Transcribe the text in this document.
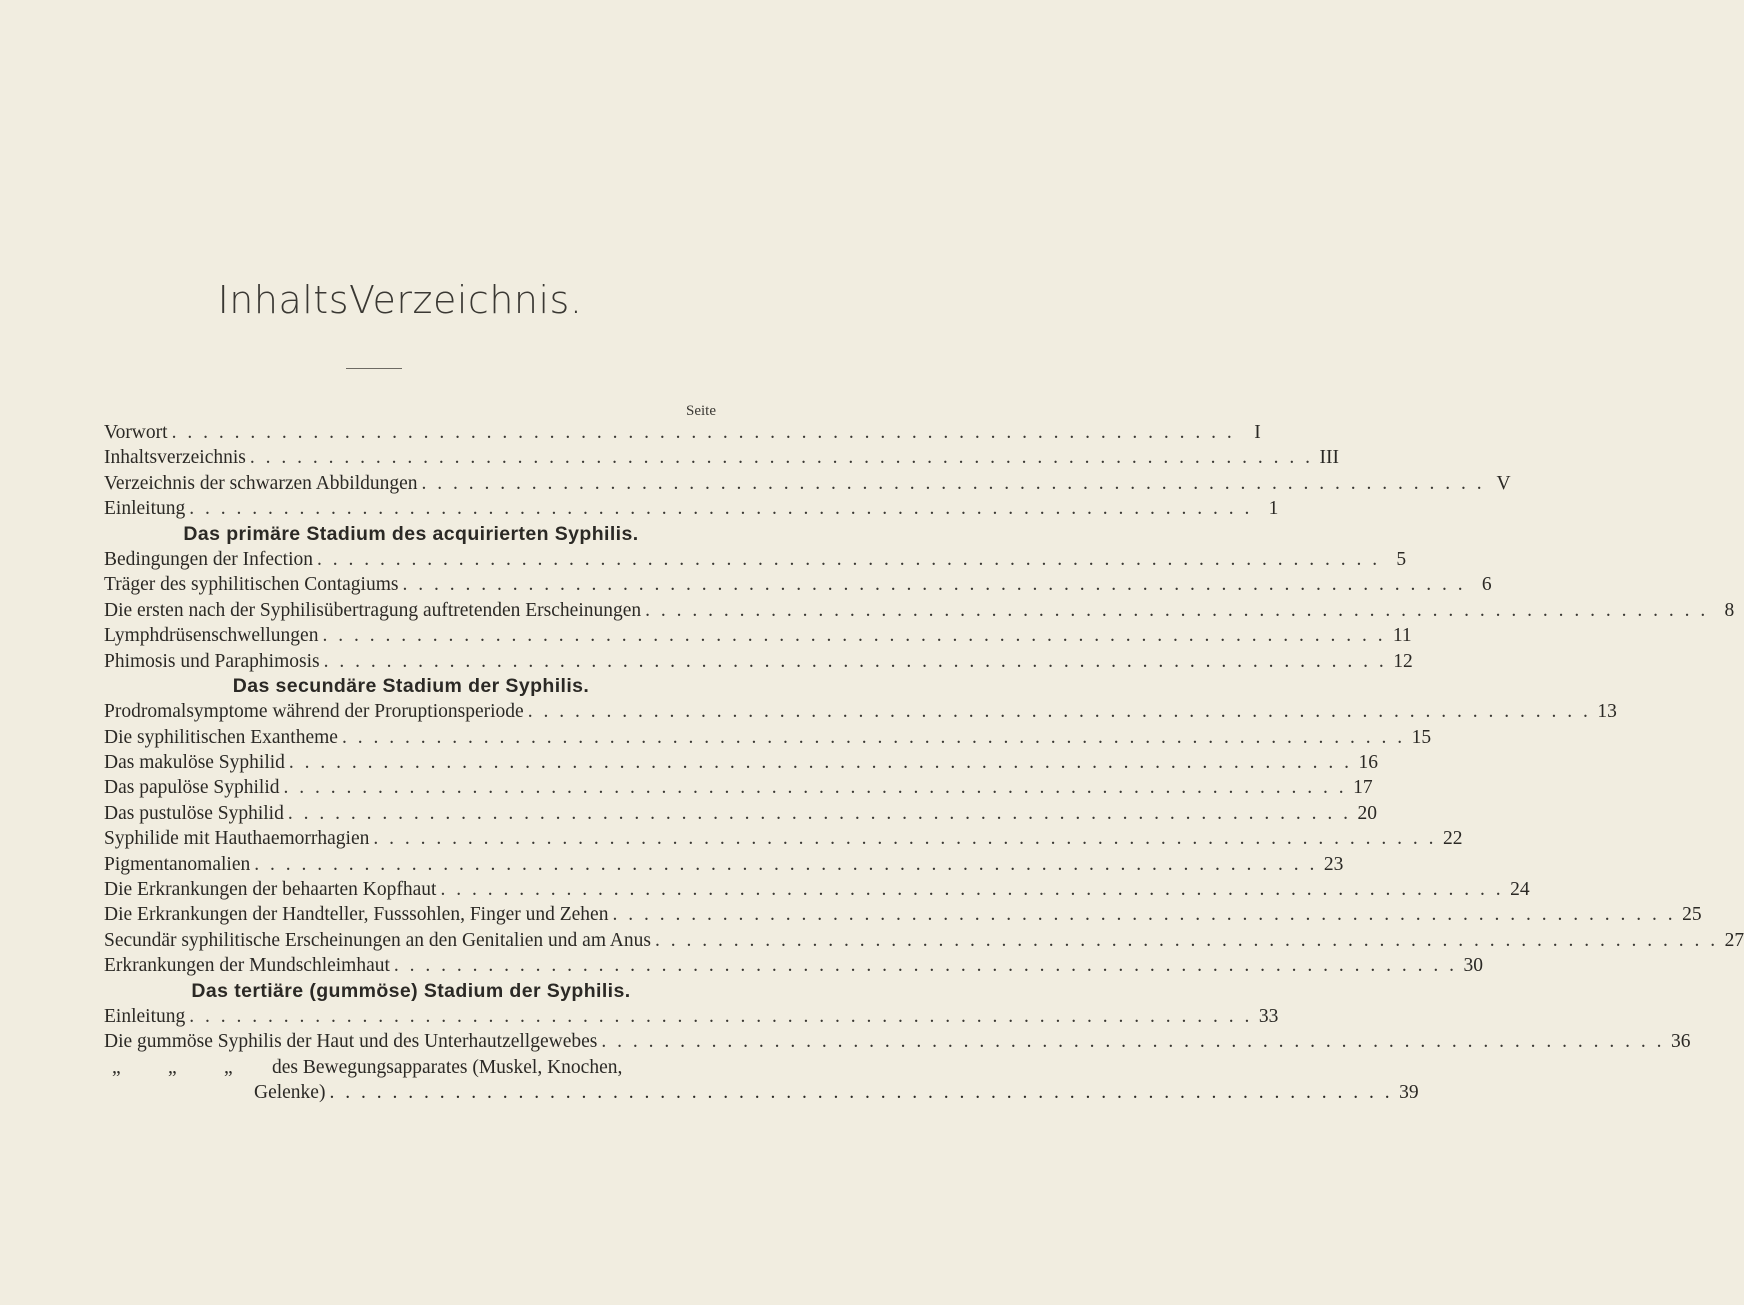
InhaltsVerzeichnis.
Seite
Vorwort . . . . . . . . . . . . . . . . . . . . . . . . . . . . . . . . . . . . . . . . . . . . . . . . . . . . . . . . . . . . . . . . . . . .	I
Inhaltsverzeichnis . . . . . . . . . . . . . . . . . . . . . . . . . . . . . . . . . . . . . . . . . . . . . . . . . . . . . . . . . . . . . . . . . . . . III
Verzeichnis der schwarzen Abbildungen . . . . . . . . . . . . . . . . . . . . . . . . . . . . . . . . . . . . . . . . . . . . . . . . . . . . . . . . . . . . . . . . . . . . V
Einleitung . . . . . . . . . . . . . . . . . . . . . . . . . . . . . . . . . . . . . . . . . . . . . . . . . . . . . . . . . . . . . . . . . . . . 1
Das primäre Stadium des acquirierten Syphilis.
Bedingungen der Infection . . . . . . . . . . . . . . . . . . . . . . . . . . . . . . . . . . . . . . . . . . . . . . . . . . . . . . . . . . . . . . . . . . . . 5
Träger des syphilitischen Contagiums . . . . . . . . . . . . . . . . . . . . . . . . . . . . . . . . . . . . . . . . . . . . . . . . . . . . . . . . . . . . . . . . . . . . 6
Die ersten nach der Syphilisübertragung auftretenden Erscheinungen . . . . . . . . . . . . . . . . . . . . . . . . . . . . . . . . . . . . . . . . . . . . . . . . . . . . . . . . . . . . . . . . . . . . 8
Lymphdrüsenschwellungen . . . . . . . . . . . . . . . . . . . . . . . . . . . . . . . . . . . . . . . . . . . . . . . . . . . . . . . . . . . . . . . . . . . . 11
Phimosis und Paraphimosis . . . . . . . . . . . . . . . . . . . . . . . . . . . . . . . . . . . . . . . . . . . . . . . . . . . . . . . . . . . . . . . . . . . . 12
Das secundäre Stadium der Syphilis.
Prodromalsymptome während der Proruptionsperiode . . . . . . . . . . . . . . . . . . . . . . . . . . . . . . . . . . . . . . . . . . . . . . . . . . . . . . . . . . . . . . . . . . . . 13
Die syphilitischen Exantheme . . . . . . . . . . . . . . . . . . . . . . . . . . . . . . . . . . . . . . . . . . . . . . . . . . . . . . . . . . . . . . . . . . . . 15
Das makulöse Syphilid . . . . . . . . . . . . . . . . . . . . . . . . . . . . . . . . . . . . . . . . . . . . . . . . . . . . . . . . . . . . . . . . . . . . 16
Das papulöse Syphilid . . . . . . . . . . . . . . . . . . . . . . . . . . . . . . . . . . . . . . . . . . . . . . . . . . . . . . . . . . . . . . . . . . . . 17
Das pustulöse Syphilid . . . . . . . . . . . . . . . . . . . . . . . . . . . . . . . . . . . . . . . . . . . . . . . . . . . . . . . . . . . . . . . . . . . . 20
Syphilide mit Hauthaemorrhagien . . . . . . . . . . . . . . . . . . . . . . . . . . . . . . . . . . . . . . . . . . . . . . . . . . . . . . . . . . . . . . . . . . . . 22
Pigmentanomalien . . . . . . . . . . . . . . . . . . . . . . . . . . . . . . . . . . . . . . . . . . . . . . . . . . . . . . . . . . . . . . . . . . . . 23
Die Erkrankungen der behaarten Kopfhaut . . . . . . . . . . . . . . . . . . . . . . . . . . . . . . . . . . . . . . . . . . . . . . . . . . . . . . . . . . . . . . . . . . . . 24
Die Erkrankungen der Handteller, Fusssohlen, Finger und Zehen . . . . . . . . . . . . . . . . . . . . . . . . . . . . . . . . . . . . . . . . . . . . . . . . . . . . . . . . . . . . . . . . . . . . 25
Secundär syphilitische Erscheinungen an den Genitalien und am Anus . . . . . . . . . . . . . . . . . . . . . . . . . . . . . . . . . . . . . . . . . . . . . . . . . . . . . . . . . . . . . . . . . . . . 27
Erkrankungen der Mundschleimhaut . . . . . . . . . . . . . . . . . . . . . . . . . . . . . . . . . . . . . . . . . . . . . . . . . . . . . . . . . . . . . . . . . . . . 30
Das tertiäre (gummöse) Stadium der Syphilis.
Einleitung . . . . . . . . . . . . . . . . . . . . . . . . . . . . . . . . . . . . . . . . . . . . . . . . . . . . . . . . . . . . . . . . . . . . 33
Die gummöse Syphilis der Haut und des Unterhautzellgewebes . . . . . . . . . . . . . . . . . . . . . . . . . . . . . . . . . . . . . . . . . . . . . . . . . . . . . . . . . . . . . . . . . . . . 36
„	„	„	des Bewegungsapparates (Muskel, Knochen,
Gelenke) . . . . . . . . . . . . . . . . . . . . . . . . . . . . . . . . . . . . . . . . . . . . . . . . . . . . . . . . . . . . . . . . . . . . 39
